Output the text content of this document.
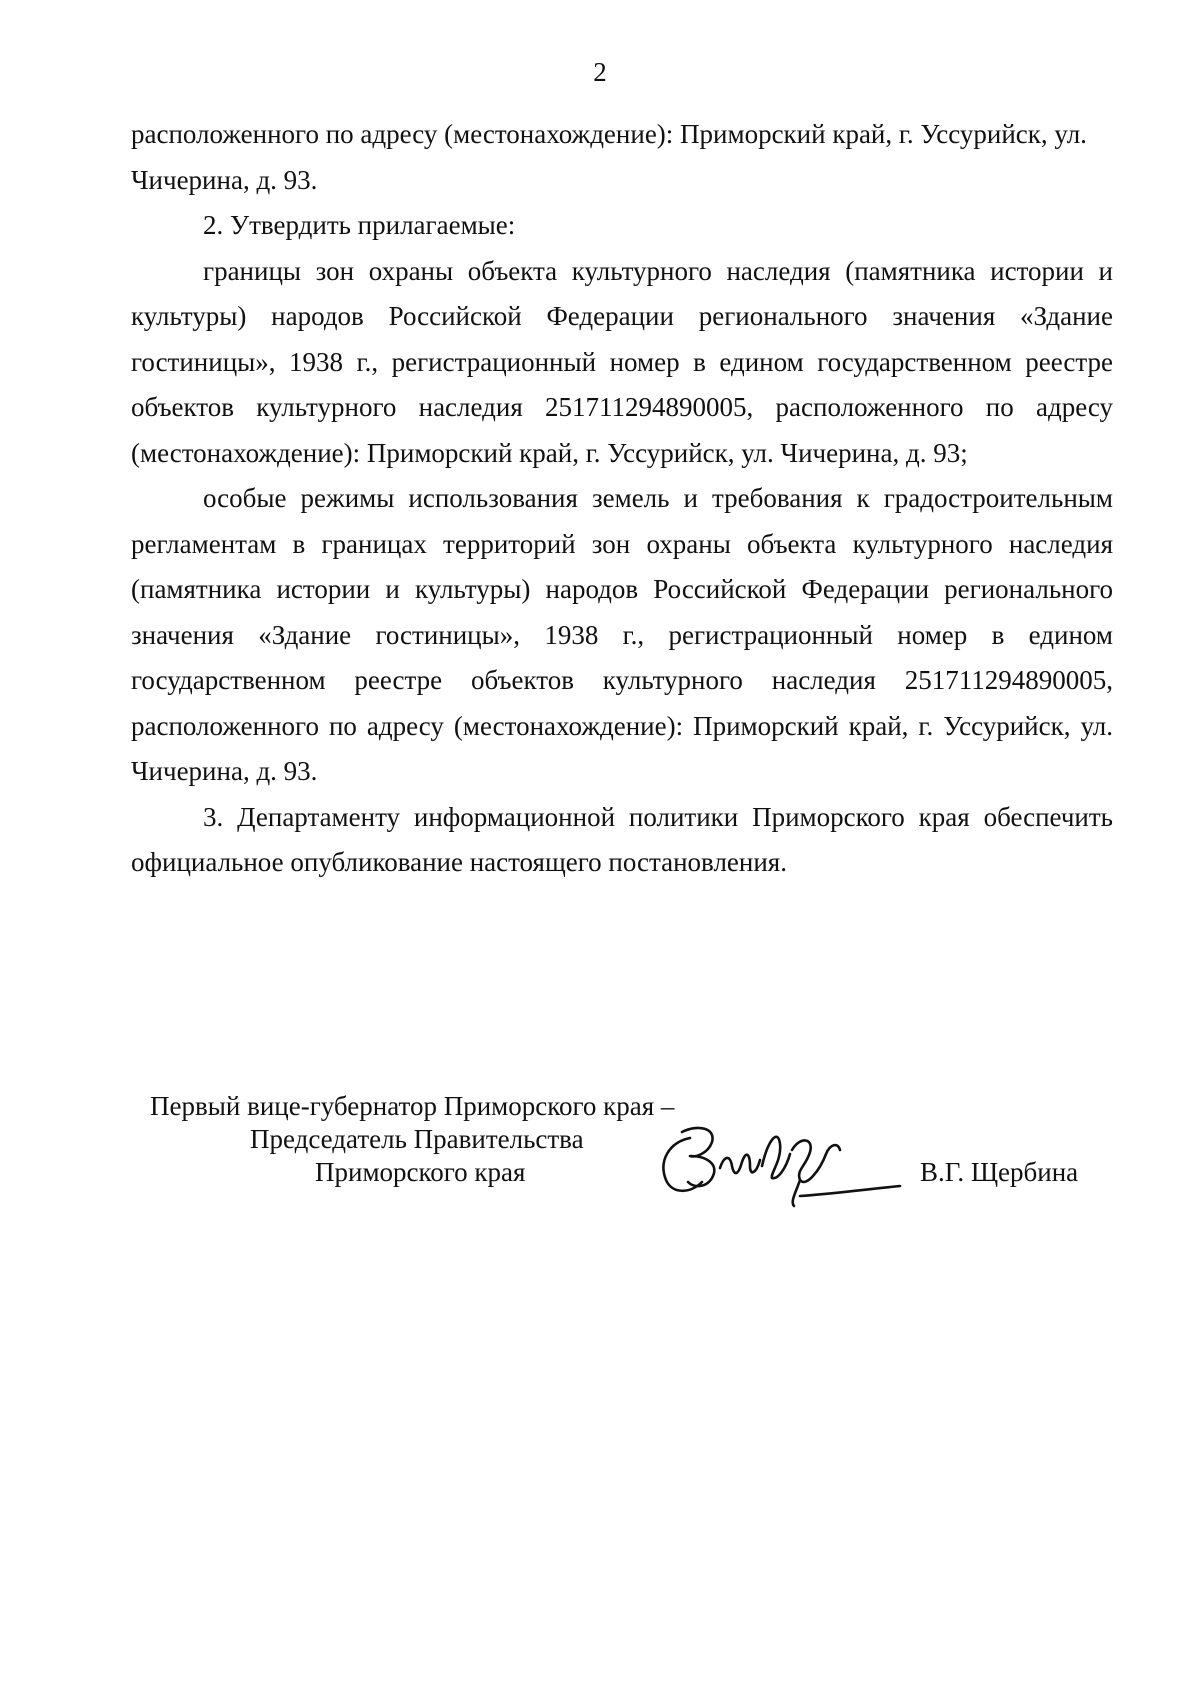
2

расположенного по адресу (местонахождение): Приморский край, г. Уссурийск, ул. Чичерина, д. 93.

2. Утвердить прилагаемые:

границы зон охраны объекта культурного наследия (памятника истории и культуры) народов Российской Федерации регионального значения «Здание гостиницы», 1938 г., регистрационный номер в едином государственном реестре объектов культурного наследия 251711294890005, расположенного по адресу (местонахождение): Приморский край, г. Уссурийск, ул. Чичерина, д. 93;

особые режимы использования земель и требования к градостроительным регламентам в границах территорий зон охраны объекта культурного наследия (памятника истории и культуры) народов Российской Федерации регионального значения «Здание гостиницы», 1938 г., регистрационный номер в едином государственном реестре объектов культурного наследия 251711294890005, расположенного по адресу (местонахождение): Приморский край, г. Уссурийск, ул. Чичерина, д. 93.

3. Департаменту информационной политики Приморского края обеспечить официальное опубликование настоящего постановления.

Первый вице-губернатор Приморского края –
Председатель Правительства
Приморского края	В.Г. Щербина
